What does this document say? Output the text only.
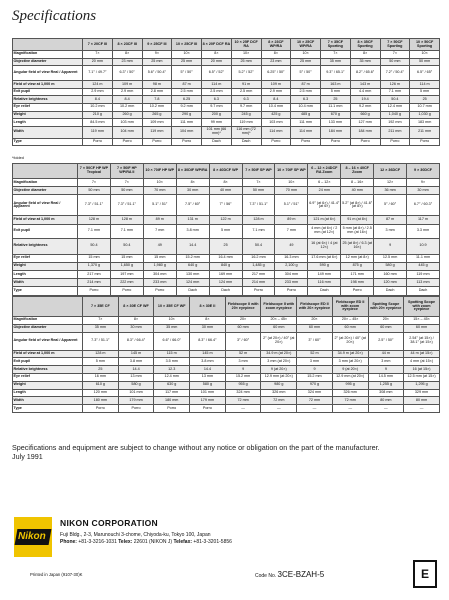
Specifications
	7 × 20CF III	8 × 23CF III	9 × 25CF III	10 × 25CF III	8 × 20F DCF RA	10 × 25F DCF RA	8 × 23CF WP/RA	10 × 25CF WP/RA	7 × 35CF Sporting	8 × 35CF Sporting	7 × 50CF Sporting	10 × 50CF Sporting
Magnification	7×	8×	9×	10×	8×	10×	8×	10×	7×	8×	7×	10×
Objective diameter	20 mm	23 mm	25 mm	25 mm	20 mm	25 mm	23 mm	25 mm	35 mm	35 mm	50 mm	50 mm
Angular field of view Real / Apparent	7.1° / 49.7°	6.3° / 50°	5.6° / 50.4°	5° / 50°	6.5° / 52°	5.2° / 52°	6.25° / 50°	5° / 50°	9.3° / 65.1°	8.2° / 65.6°	7.2° / 50.4°	6.5° / 65°
Field of view at 1,000 m	124 m	109 m	98 m	87 m	114 m	91 m	109 m	87 m	163 m	143 m	126 m	114 m
Exit pupil	2.9 mm	2.9 mm	2.8 mm	2.5 mm	2.5 mm	2.5 mm	2.9 mm	2.5 mm	5 mm	4.4 mm	7.1 mm	5 mm
Relative brightness	8.4	8.4	7.8	6.25	6.3	6.3	8.4	6.3	25	19.4	50.4	25
Eye relief	10.2 mm	10.2 mm	10.2 mm	9.2 mm	9.7 mm	9.7 mm	10.4 mm	10.4 mm	11.1 mm	9.2 mm	12.4 mm	10.7 mm
Weight	210 g	260 g	265 g	290 g	200 g	245 g	425 g	485 g	670 g	660 g	1,040 g	1,030 g
Length	84.5 mm	103 mm	109 mm	111 mm	99 mm	119 mm	103 mm	111 mm	133 mm	127 mm	192 mm	183 mm
Width	119 mm	104 mm	119 mm	104 mm	101 mm (66 mm)*	116 mm (72 mm)*	114 mm	114 mm	184 mm	184 mm	211 mm	211 mm
Type	Porro	Porro	Porro	Porro	Dach	Dach	Porro	Porro	Porro	Porro	Porro	Porro
*folded
	7 × 50CF HP WP Tropical	7 × 50IF HP WP/RA II	10 × 70IF HP WP	8 × 30DIF WP/RA	8 × 40DCF WP	7 × 50IF SP WP	10 × 70IF SP WP	6 – 12 × 24DCF RA Zoom	8 – 16 × 40CF Zoom	12 × 36DCF	9 × 30DCF
Magnification	7×	7×	10×	8×	8×	7×	10×	6 – 12×	8 – 16×	12×	9×
Objective diameter	50 mm	50 mm	70 mm	30 mm	40 mm	50 mm	70 mm	24 mm	40 mm	36 mm	30 mm
Angular field of view Real / Apparent	7.3° / 51.1°	7.3° / 51.1°	5.1° / 51°	7.5° / 60°	7° / 56°	7.3° / 51.1°	5.1° / 51°	6.9° (at 6×) / 41.4° (at 6×)	5.2° (at 8×) / 41.6° (at 8×)	5° / 60°	6.7° / 60.3°
Field of view at 1,000 m	128 m	128 m	89 m	131 m	122 m	128 m	89 m	121 m (at 6×)	91 m (at 8×)	87 m	117 m
Exit pupil	7.1 mm	7.1 mm	7 mm	3.8 mm	5 mm	7.1 mm	7 mm	4 mm (at 6×) / 2 mm (at 12×)	5 mm (at 8×) / 2.5 mm (at 16×)	3 mm	3.3 mm
Relative brightness	50.4	50.4	49	14.4	25	50.4	49	16 (at 6×) / 4 (at 12×)	25 (at 8×) / 6.3 (at 16×)	9	10.9
Eye relief	15 mm	15 mm	15 mm	15.2 mm	16.4 mm	16.2 mm	16.3 mm	17.6 mm (at 6×)	12 mm (at 8×)	12.5 mm	11.1 mm
Weight	1,370 g	1,650 g	1,980 g	640 g	840 g	1,485 g	2,100 g	590 g	875 g	580 g	445 g
Length	217 mm	197 mm	304 mm	130 mm	169 mm	217 mm	304 mm	149 mm	171 mm	160 mm	119 mm
Width	214 mm	222 mm	233 mm	124 mm	124 mm	214 mm	233 mm	116 mm	198 mm	120 mm	113 mm
Type	Porro	Porro	Porro	Dach	Dach	Porro	Porro	Dach	Porro	Dach	Dach
	7 × 35E CF	8 × 30E CF WF	10 × 35E CF WF	8 × 30E II	Fieldscope II with 20× eyepiece	Fieldscope II with zoom eyepiece	Fieldscope ED II with 20× eyepiece	Fieldscope ED II with zoom eyepiece	Spotting Scope with 20× eyepiece	Spotting Scope with zoom eyepiece
Magnification	7×	8×	10×	8×	20×	20× – 45×	20×	20× – 45×	20×	15× – 45×
Objective diameter	35 mm	30 mm	35 mm	30 mm	60 mm	60 mm	60 mm	60 mm	60 mm	60 mm
Angular field of view Real / Apparent	7.3° / 51.1°	8.3° / 66.4°	6.6° / 66.0°	8.3° / 66.4°	3° / 60°	2° (at 20×) / 40° (at 20×)	3° / 60°	2° (at 20×) / 40° (at 20×)	2.5° / 50°	2.54° (at 15×) / 38.1° (at 15×)
Field of view at 1,000 m	128 m	145 m	115 m	145 m	52 m	34.9 m (at 20×)	52 m	34.9 m (at 20×)	44 m	44 m (at 15×)
Exit pupil	5 mm	3.8 mm	3.5 mm	3.8 mm	3 mm	3 mm (at 20×)	3 mm	3 mm (at 20×)	3 mm	4 mm (at 15×)
Relative brightness	25	14.4	12.3	14.4	9	9 (at 20×)	9	9 (at 20×)	9	16 (at 15×)
Eye relief	16 mm	13 mm	12.4 mm	13 mm	15.2 mm	12.9 mm (at 20×)	15.2 mm	12.9 mm (at 20×)	14.5 mm	12.5 mm (at 15×)
Weight	610 g	580 g	630 g	580 g	955 g	980 g	970 g	995 g	1,255 g	1,295 g
Length	120 mm	101 mm	117 mm	101 mm	324 mm	326 mm	324 mm	326 mm	308 mm	329 mm
Width	180 mm	179 mm	180 mm	179 mm	72 mm	72 mm	72 mm	72 mm	80 mm	80 mm
Type	Porro	Porro	Porro	Porro	—	—	—	—	—	—
Specifications and equipment are subject to change without any notice or obligation on the part of the manufacturer.
July 1991
Nikon
NIKON CORPORATION
Fuji Bldg., 2-3, Marunouchi 3-chome, Chiyoda-ku, Tokyo 100, Japan
Phone: +81-3-3216-1031 Telex: 22601 (NIKON J) Telefax: +81-3-3201-5856
Printed in Japan (9107-30)K	Code No. 3CE-BZAH-5	E
